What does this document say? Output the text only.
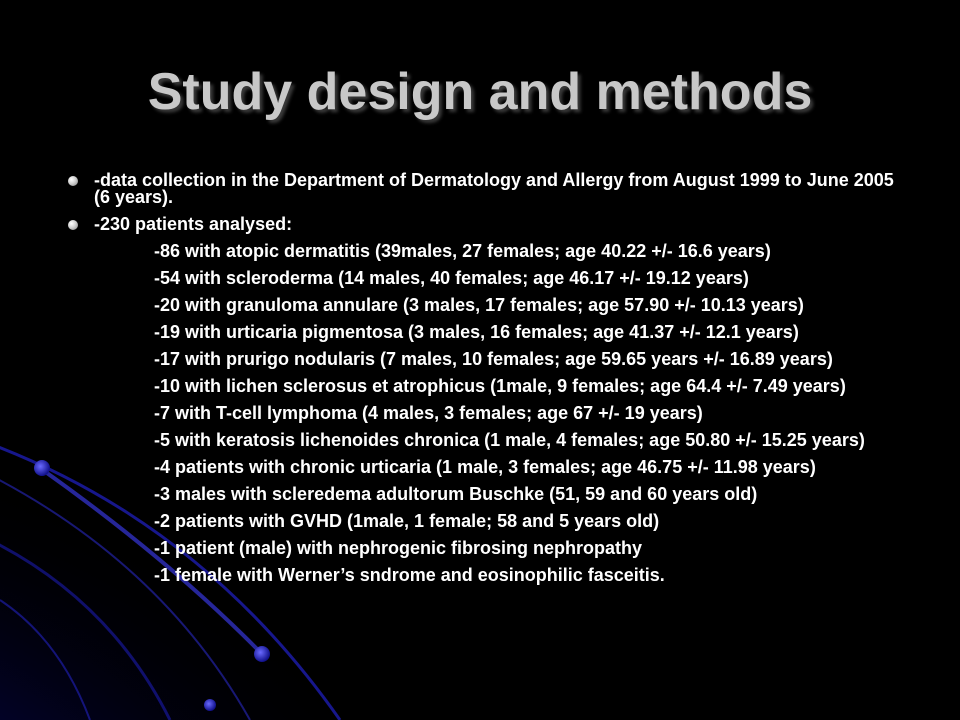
Study design and methods
-data collection in the Department of Dermatology and Allergy from August 1999 to June 2005 (6 years).
-230 patients analysed:
-86 with atopic dermatitis (39males, 27 females; age 40.22 +/- 16.6 years)
-54 with scleroderma (14 males, 40 females; age 46.17 +/- 19.12 years)
-20 with granuloma annulare (3 males, 17 females; age 57.90 +/- 10.13 years)
-19 with urticaria pigmentosa (3 males, 16 females; age 41.37 +/- 12.1 years)
-17 with prurigo nodularis (7 males, 10 females; age 59.65 years +/- 16.89 years)
-10 with lichen sclerosus et atrophicus (1male, 9 females; age 64.4 +/- 7.49 years)
-7 with T-cell lymphoma (4 males, 3 females; age 67 +/- 19 years)
-5 with keratosis lichenoides chronica (1 male, 4 females; age 50.80 +/- 15.25 years)
-4 patients with chronic urticaria (1 male, 3 females; age 46.75 +/- 11.98 years)
-3 males with scleredema adultorum Buschke (51, 59 and 60 years old)
-2 patients with GVHD (1male, 1 female; 58 and 5 years old)
-1 patient (male) with nephrogenic fibrosing nephropathy
-1 female with Werner’s sndrome and eosinophilic fasceitis.
